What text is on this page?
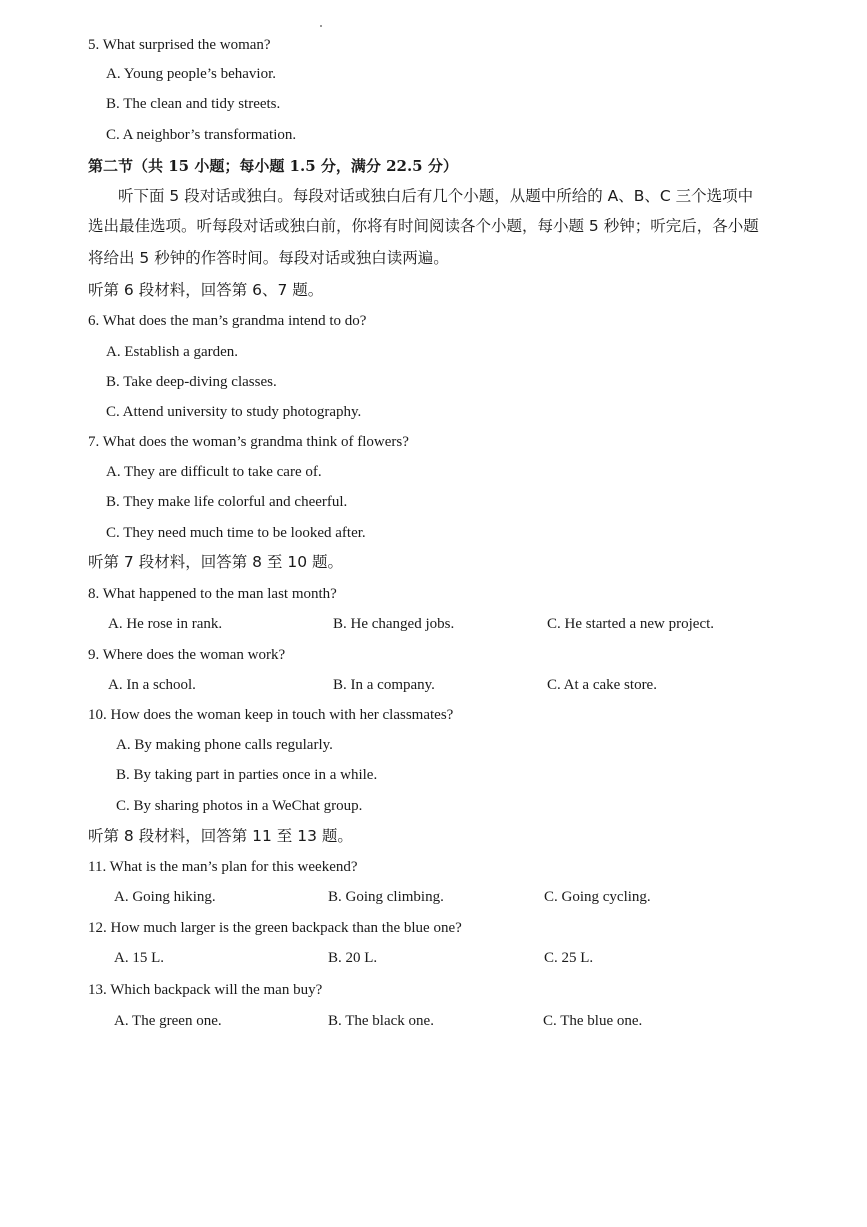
5. What surprised the woman?
A. Young people’s behavior.
B. The clean and tidy streets.
C. A neighbor’s transformation.
第二节（共 15 小题；每小题 1.5 分，满分 22.5 分）
听下面 5 段对话或独白。每段对话或独白后有几个小题，从题中所给的 A、B、C 三个选项中
选出最佳选项。听每段对话或独白前，你将有时间阅读各个小题，每小题 5 秒钟；听完后，各小题
将给出 5 秒钟的作答时间。每段对话或独白读两遍。
听第 6 段材料，回答第 6、7 题。
6. What does the man’s grandma intend to do?
A. Establish a garden.
B. Take deep-diving classes.
C. Attend university to study photography.
7. What does the woman’s grandma think of flowers?
A. They are difficult to take care of.
B. They make life colorful and cheerful.
C. They need much time to be looked after.
听第 7 段材料，回答第 8 至 10 题。
8. What happened to the man last month?
A. He rose in rank.	B. He changed jobs.	C. He started a new project.
9. Where does the woman work?
A. In a school.	B. In a company.	C. At a cake store.
10. How does the woman keep in touch with her classmates?
A. By making phone calls regularly.
B. By taking part in parties once in a while.
C. By sharing photos in a WeChat group.
听第 8 段材料，回答第 11 至 13 题。
11. What is the man’s plan for this weekend?
A. Going hiking.	B. Going climbing.	C. Going cycling.
12. How much larger is the green backpack than the blue one?
A. 15 L.	B. 20 L.	C. 25 L.
13. Which backpack will the man buy?
A. The green one.	B. The black one.	C. The blue one.
